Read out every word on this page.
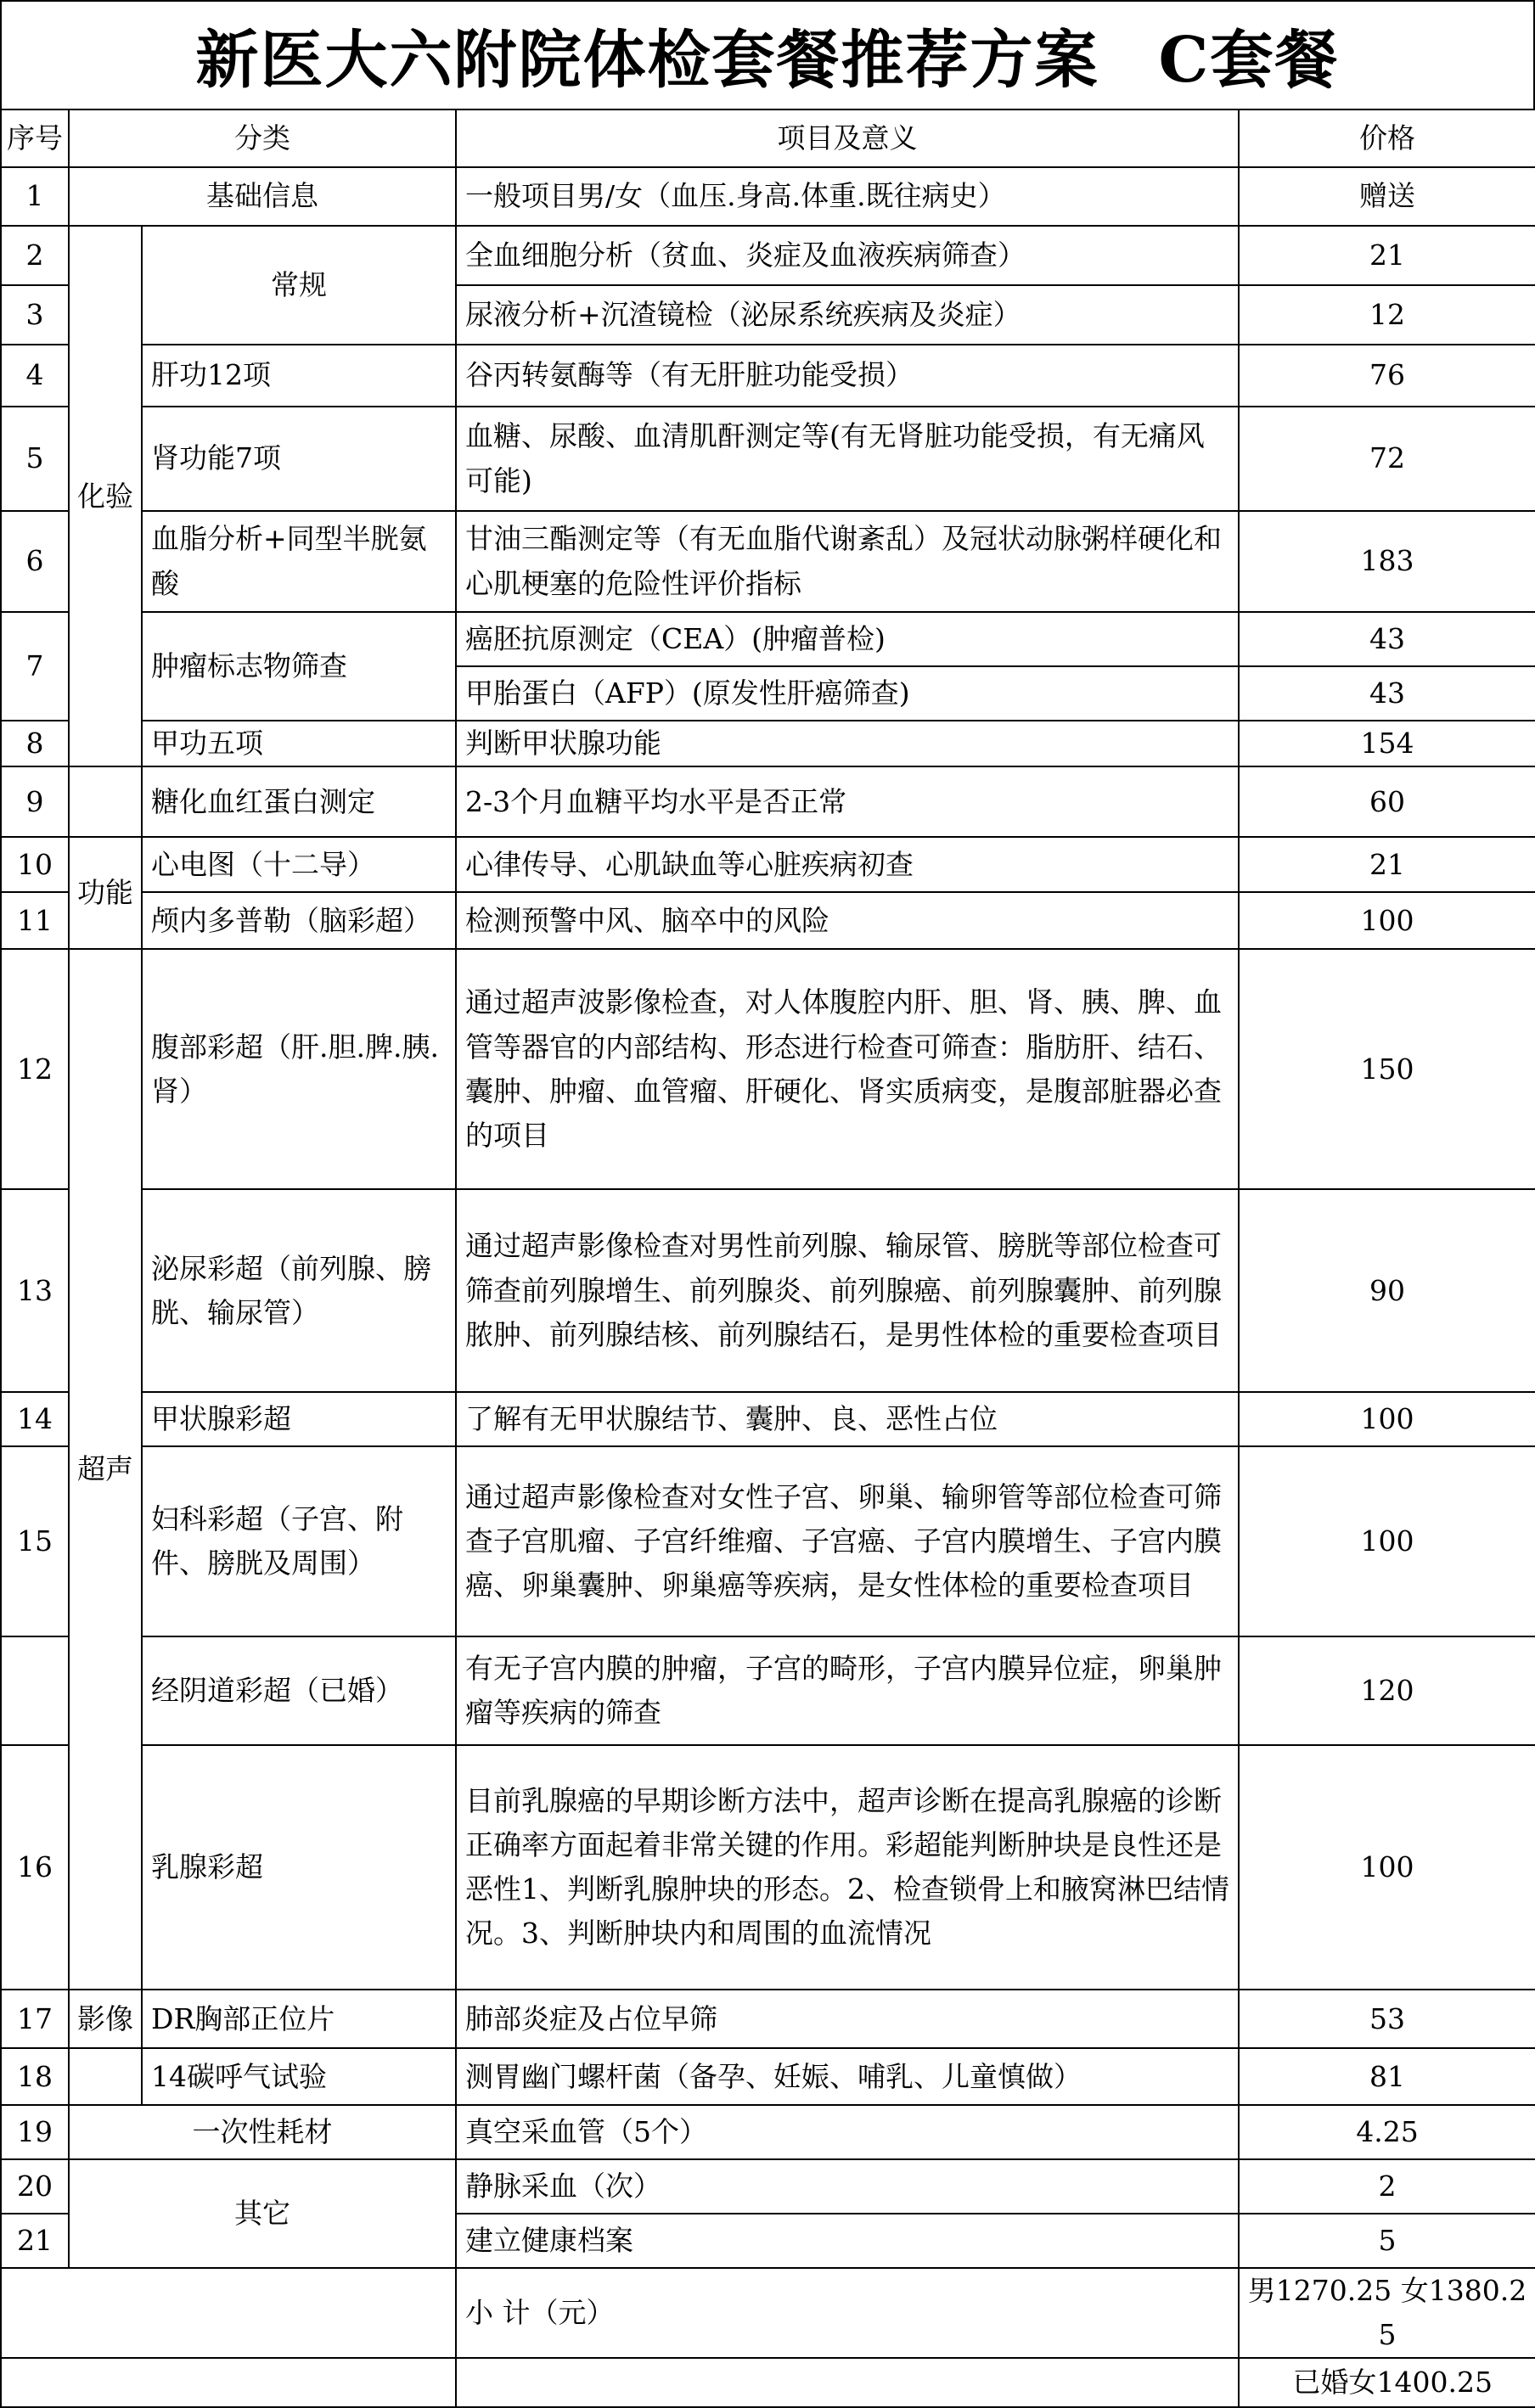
新医大六附院体检套餐推荐方案 C套餐
序号	分类		项目及意义	价格
1	基础信息		一般项目男/女（血压.身高.体重.既往病史）	赠送
2	化验	常规	全血细胞分析（贫血、炎症及血液疾病筛查）	21
3			尿液分析+沉渣镜检（泌尿系统疾病及炎症）	12
4		肝功12项	谷丙转氨酶等（有无肝脏功能受损）	76
5		肾功能7项	血糖、尿酸、血清肌酐测定等(有无肾脏功能受损，有无痛风可能)	72
6		血脂分析+同型半胱氨酸	甘油三酯测定等（有无血脂代谢紊乱）及冠状动脉粥样硬化和心肌梗塞的危险性评价指标	183
7		肿瘤标志物筛查	癌胚抗原测定（CEA）(肿瘤普检)	43
			甲胎蛋白（AFP）(原发性肝癌筛查)	43
8		甲功五项	判断甲状腺功能	154
9		糖化血红蛋白测定	2-3个月血糖平均水平是否正常	60
10	功能	心电图（十二导）	心律传导、心肌缺血等心脏疾病初查	21
11		颅内多普勒（脑彩超）	检测预警中风、脑卒中的风险	100
12	超声	腹部彩超（肝.胆.脾.胰.肾）	通过超声波影像检查，对人体腹腔内肝、胆、肾、胰、脾、血管等器官的内部结构、形态进行检查可筛查：脂肪肝、结石、囊肿、肿瘤、血管瘤、肝硬化、肾实质病变，是腹部脏器必查的项目	150
13		泌尿彩超（前列腺、膀胱、输尿管）	通过超声影像检查对男性前列腺、输尿管、膀胱等部位检查可筛查前列腺增生、前列腺炎、前列腺癌、前列腺囊肿、前列腺脓肿、前列腺结核、前列腺结石，是男性体检的重要检查项目	90
14		甲状腺彩超	了解有无甲状腺结节、囊肿、良、恶性占位	100
15		妇科彩超（子宫、附件、膀胱及周围）	通过超声影像检查对女性子宫、卵巢、输卵管等部位检查可筛查子宫肌瘤、子宫纤维瘤、子宫癌、子宫内膜增生、子宫内膜癌、卵巢囊肿、卵巢癌等疾病，是女性体检的重要检查项目	100
		经阴道彩超（已婚）	有无子宫内膜的肿瘤，子宫的畸形，子宫内膜异位症，卵巢肿瘤等疾病的筛查	120
16		乳腺彩超	目前乳腺癌的早期诊断方法中，超声诊断在提高乳腺癌的诊断正确率方面起着非常关键的作用。彩超能判断肿块是良性还是恶性1、判断乳腺肿块的形态。2、检查锁骨上和腋窝淋巴结情况。3、判断肿块内和周围的血流情况	100
17	影像	DR胸部正位片	肺部炎症及占位早筛	53
18		14碳呼气试验	测胃幽门螺杆菌（备孕、妊娠、哺乳、儿童慎做）	81
19	一次性耗材		真空采血管（5个）	4.25
20	其它		静脉采血（次）	2
21			建立健康档案	5
			小 计（元）	男1270.25 女1380.25
				已婚女1400.25
